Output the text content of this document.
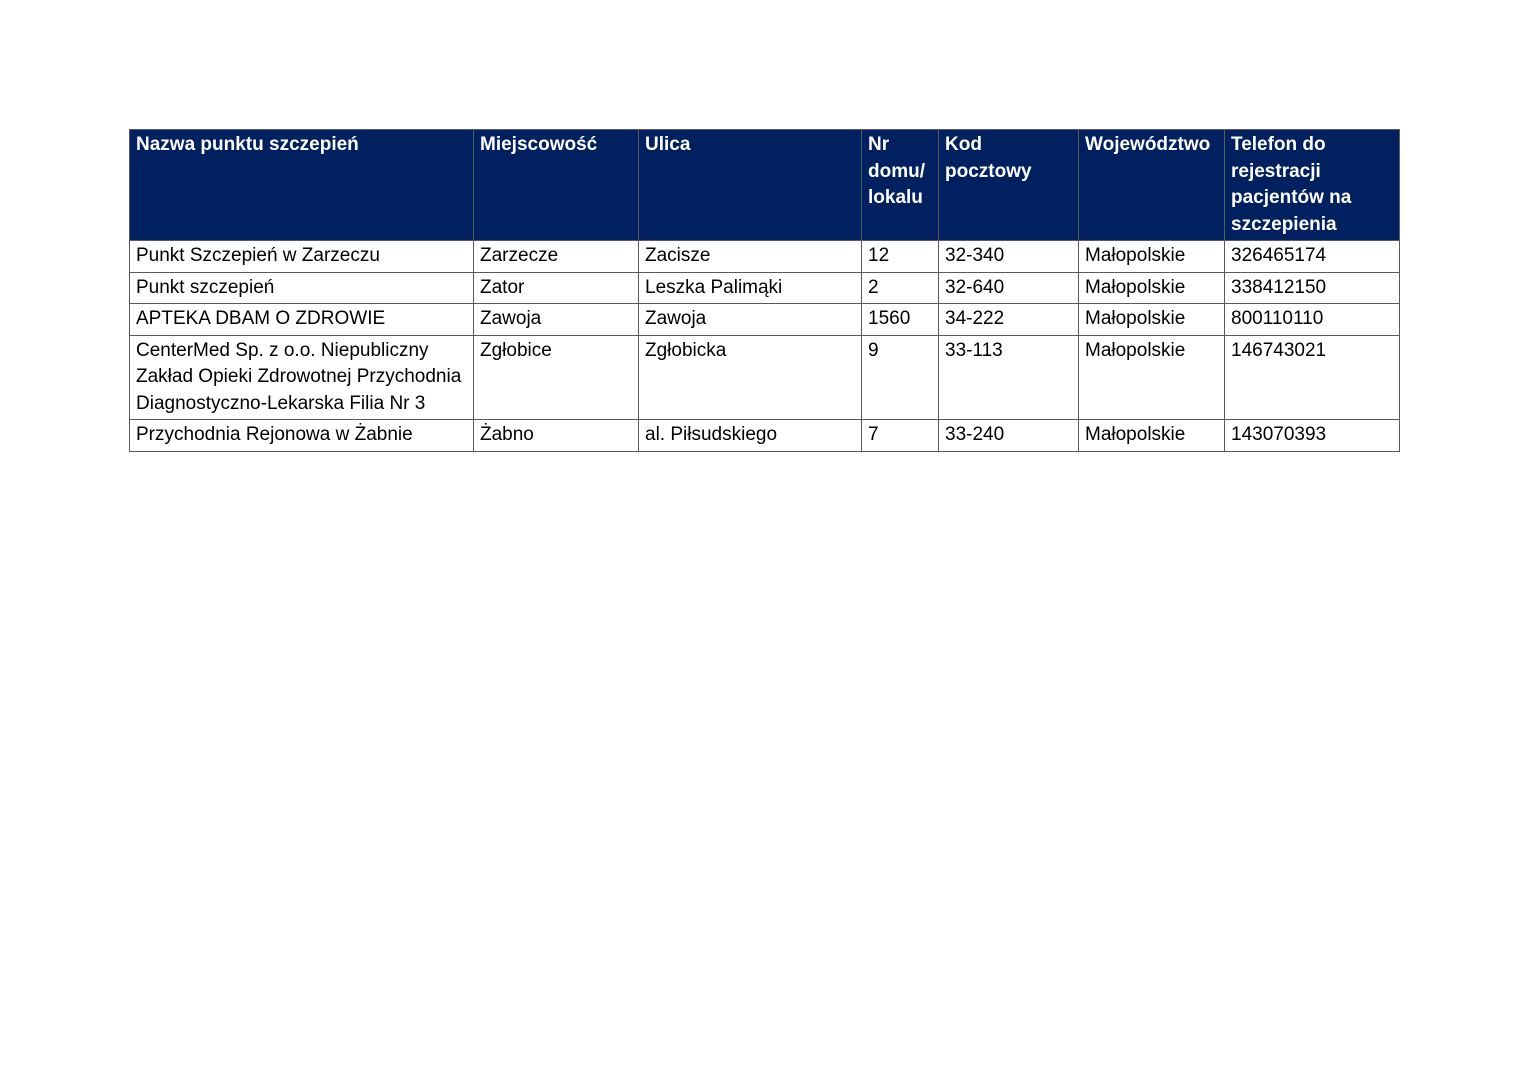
Nazwa punktu szczepień	Miejscowość	Ulica	Nr domu/ lokalu	Kod pocztowy	Województwo	Telefon do rejestracji pacjentów na szczepienia
Punkt Szczepień w Zarzeczu	Zarzecze	Zacisze	12	32-340	Małopolskie	326465174
Punkt szczepień	Zator	Leszka Palimąki	2	32-640	Małopolskie	338412150
APTEKA DBAM O ZDROWIE	Zawoja	Zawoja	1560	34-222	Małopolskie	800110110
CenterMed Sp. z o.o. Niepubliczny Zakład Opieki Zdrowotnej Przychodnia Diagnostyczno-Lekarska Filia Nr 3	Zgłobice	Zgłobicka	9	33-113	Małopolskie	146743021
Przychodnia Rejonowa w Żabnie	Żabno	al. Piłsudskiego	7	33-240	Małopolskie	143070393
